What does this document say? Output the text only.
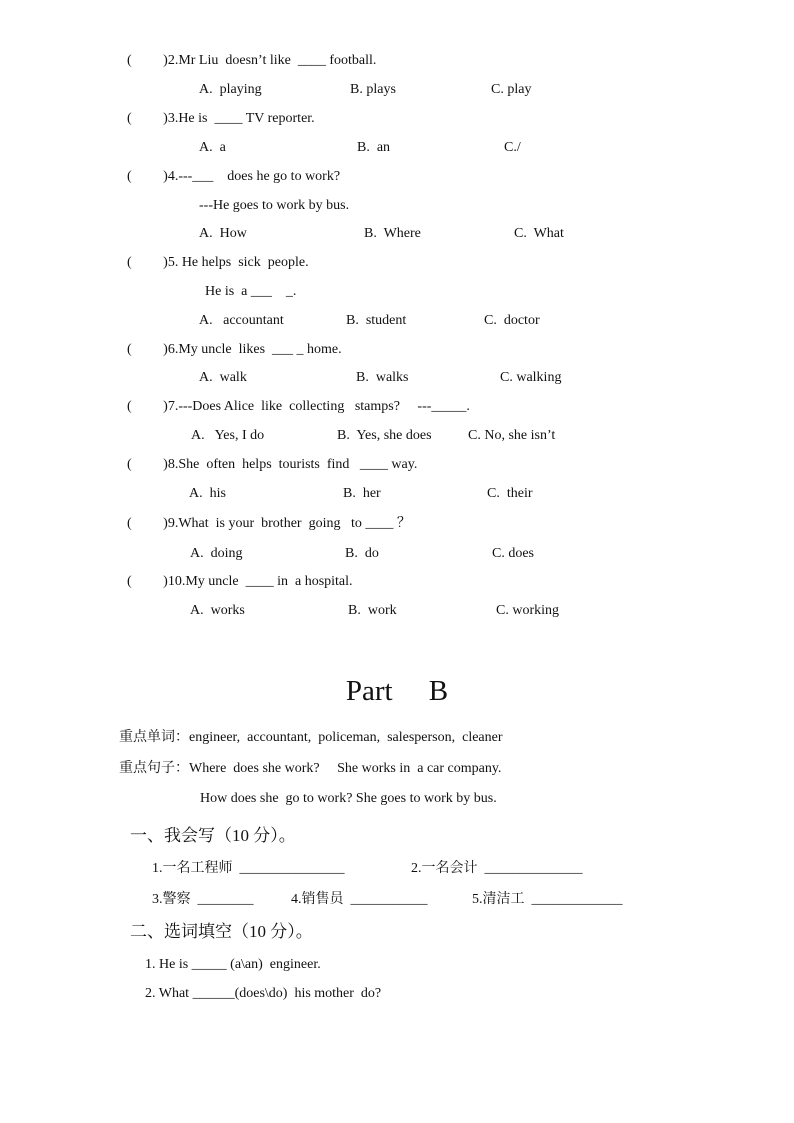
(         )2.Mr Liu  doesn’t like  ____ football.
A.  playing	B. plays	C. play
(         )3.He is  ____ TV reporter.
A.  a	B.  an	C./
(         )4.---___    does he go to work?
---He goes to work by bus.
A.  How	B.  Where	C.  What
(         )5. He helps  sick  people.
He is  a ___    _.
A.   accountant	B.  student	C.  doctor
(         )6.My uncle  likes  ___ _ home.
A.  walk	B.  walks	C. walking
(         )7.---Does Alice  like  collecting   stamps?     ---_____.
A.   Yes, I do	B.  Yes, she does	C. No, she isn’t
(         )8.She  often  helps  tourists  find   ____ way.
A.  his	B.  her	C.  their
(         )9.What  is your  brother  going   to ____ ？
A.  doing	B.  do	C. does
(         )10.My uncle  ____ in  a hospital.
A.  works	B.  work	C. working
Part     B
重点单词：engineer,  accountant,  policeman,  salesperson,  cleaner
重点句子：Where  does she work?     She works in  a car company.
How does she  go to work? She goes to work by bus.
一、我会写（10 分）。
1.一名工程师  _______________	2.一名会计  ______________
3.警察  ________	4.销售员  ___________	5.清洁工  _____________
二、选词填空（10 分）。
1. He is _____ (a\an)  engineer.
2. What ______(does\do)  his mother  do?
